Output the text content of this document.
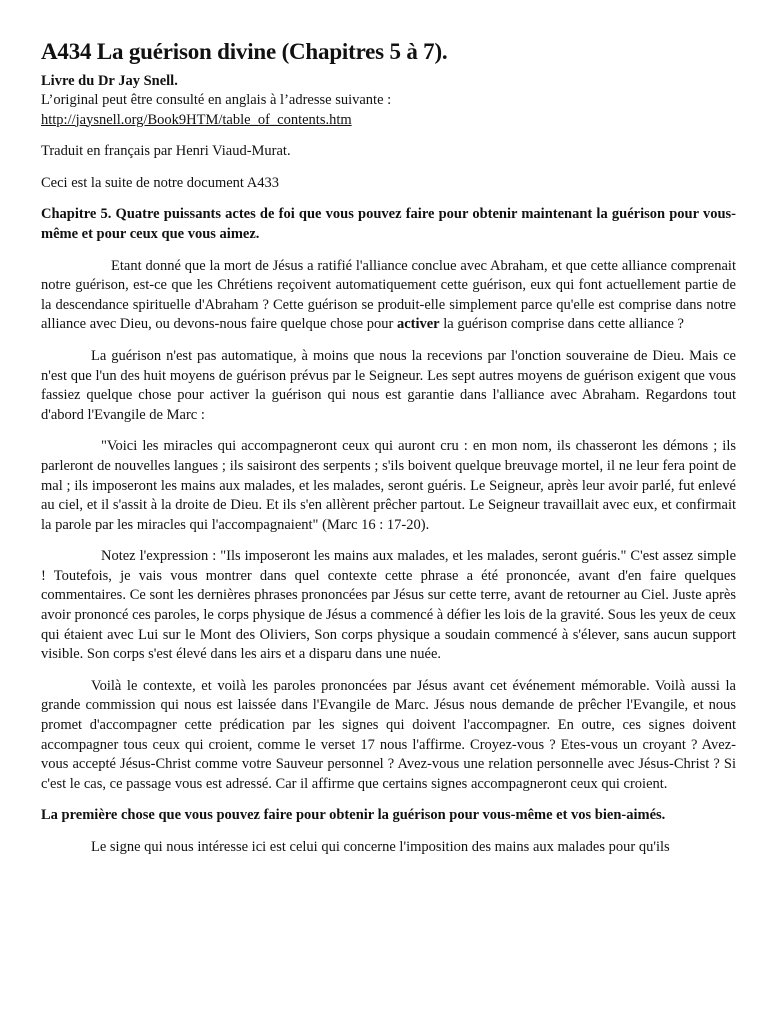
A434 La guérison divine (Chapitres 5 à 7).

Livre du Dr Jay Snell.

L’original peut être consulté en anglais à l’adresse suivante :

http://jaysnell.org/Book9HTM/table_of_contents.htm

Traduit en français par Henri Viaud-Murat.

Ceci est la suite de notre document A433

Chapitre 5. Quatre puissants actes de foi que vous pouvez faire pour obtenir maintenant la guérison pour vous-même et pour ceux que vous aimez.

Etant donné que la mort de Jésus a ratifié l'alliance conclue avec Abraham, et que cette alliance comprenait notre guérison, est-ce que les Chrétiens reçoivent automatiquement cette guérison, eux qui font actuellement partie de la descendance spirituelle d'Abraham ? Cette guérison se produit-elle simplement parce qu'elle est comprise dans notre alliance avec Dieu, ou devons-nous faire quelque chose pour activer la guérison comprise dans cette alliance ?

La guérison n'est pas automatique, à moins que nous la recevions par l'onction souveraine de Dieu. Mais ce n'est que l'un des huit moyens de guérison prévus par le Seigneur. Les sept autres moyens de guérison exigent que vous fassiez quelque chose pour activer la guérison qui nous est garantie dans l'alliance avec Abraham. Regardons tout d'abord l'Evangile de Marc :

"Voici les miracles qui accompagneront ceux qui auront cru : en mon nom, ils chasseront les démons ; ils parleront de nouvelles langues ; ils saisiront des serpents ; s'ils boivent quelque breuvage mortel, il ne leur fera point de mal ; ils imposeront les mains aux malades, et les malades, seront guéris. Le Seigneur, après leur avoir parlé, fut enlevé au ciel, et il s'assit à la droite de Dieu. Et ils s'en allèrent prêcher partout. Le Seigneur travaillait avec eux, et confirmait la parole par les miracles qui l'accompagnaient" (Marc 16 : 17-20).

Notez l'expression : "Ils imposeront les mains aux malades, et les malades, seront guéris." C'est assez simple ! Toutefois, je vais vous montrer dans quel contexte cette phrase a été prononcée, avant d'en faire quelques commentaires. Ce sont les dernières phrases prononcées par Jésus sur cette terre, avant de retourner au Ciel. Juste après avoir prononcé ces paroles, le corps physique de Jésus a commencé à défier les lois de la gravité. Sous les yeux de ceux qui étaient avec Lui sur le Mont des Oliviers, Son corps physique a soudain commencé à s'élever, sans aucun support visible. Son corps s'est élevé dans les airs et a disparu dans une nuée.

Voilà le contexte, et voilà les paroles prononcées par Jésus avant cet événement mémorable. Voilà aussi la grande commission qui nous est laissée dans l'Evangile de Marc. Jésus nous demande de prêcher l'Evangile, et nous promet d'accompagner cette prédication par les signes qui doivent l'accompagner. En outre, ces signes doivent accompagner tous ceux qui croient, comme le verset 17 nous l'affirme. Croyez-vous ? Etes-vous un croyant ? Avez-vous accepté Jésus-Christ comme votre Sauveur personnel ? Avez-vous une relation personnelle avec Jésus-Christ ? Si c'est le cas, ce passage vous est adressé. Car il affirme que certains signes accompagneront ceux qui croient.

La première chose que vous pouvez faire pour obtenir la guérison pour vous-même et vos bien-aimés.

Le signe qui nous intéresse ici est celui qui concerne l'imposition des mains aux malades pour qu'ils
